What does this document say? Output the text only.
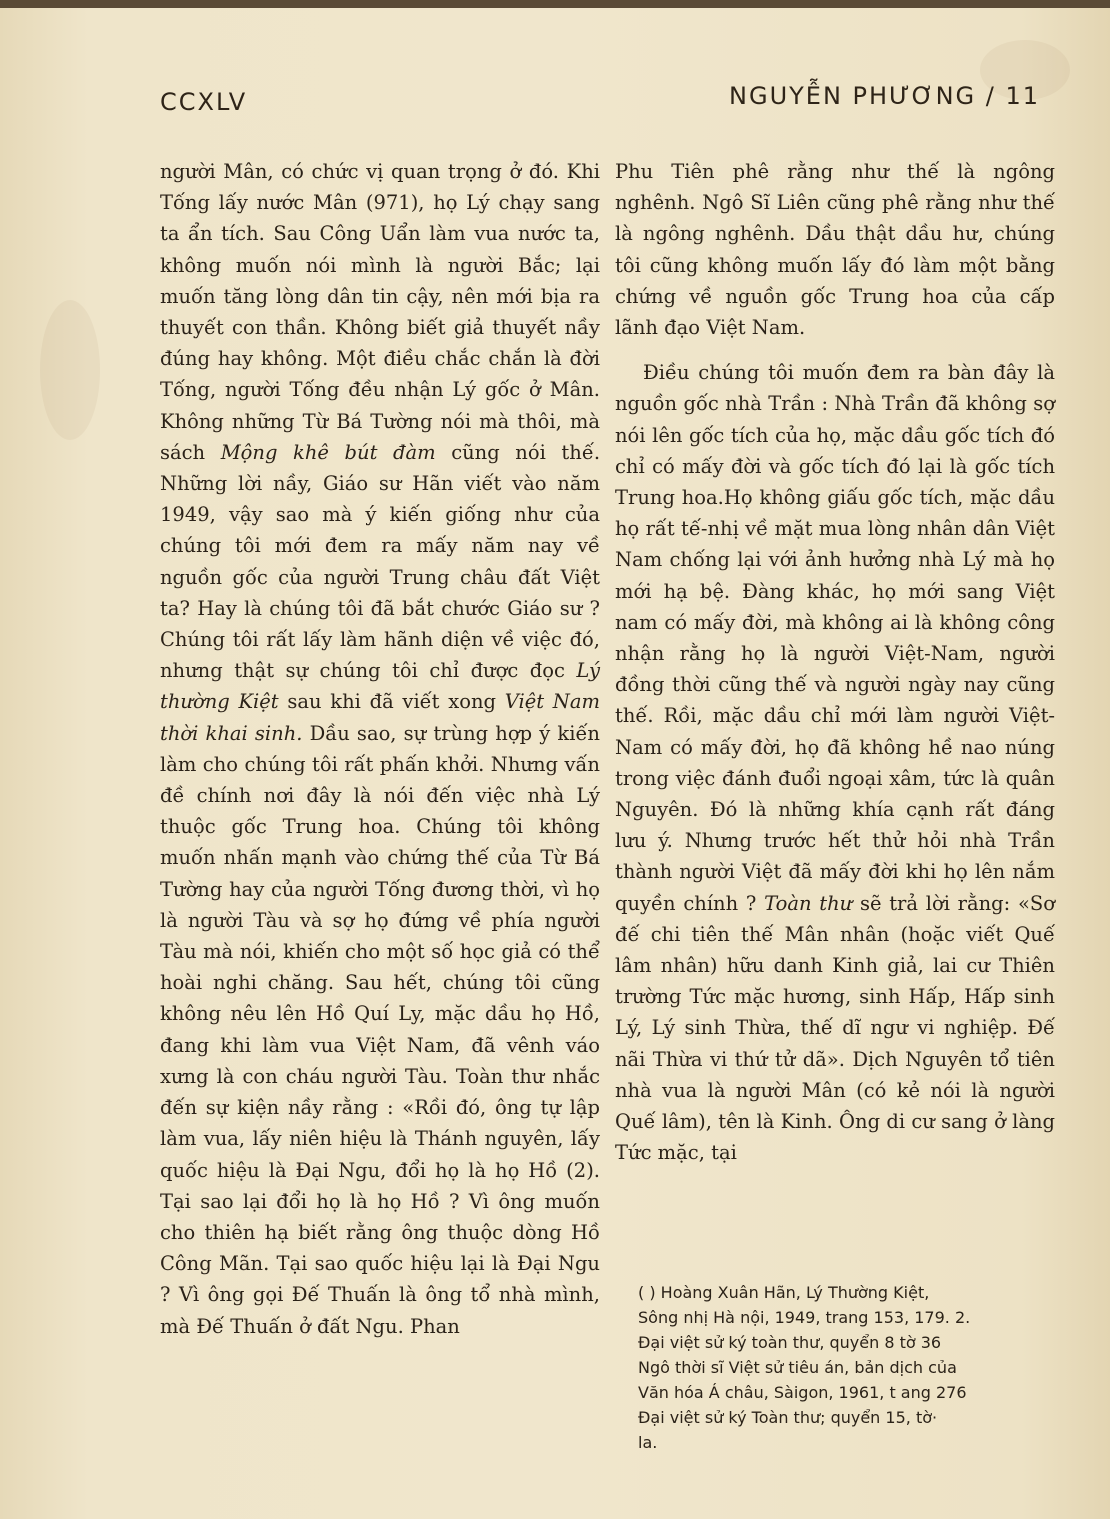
CCXLV	NGUYỄN PHƯƠNG / 11

người Mân, có chức vị quan trọng ở đó. Khi Tống lấy nước Mân (971), họ Lý chạy sang ta ẩn tích. Sau Công Uẩn làm vua nước ta, không muốn nói mình là người Bắc; lại muốn tăng lòng dân tin cậy, nên mới bịa ra thuyết con thần. Không biết giả thuyết nầy đúng hay không. Một điều chắc chắn là đời Tống, người Tống đều nhận Lý gốc ở Mân. Không những Từ Bá Tường nói mà thôi, mà sách Mộng khê bút đàm cũng nói thế. Những lời nầy, Giáo sư Hãn viết vào năm 1949, vậy sao mà ý kiến giống như của chúng tôi mới đem ra mấy năm nay về nguồn gốc của người Trung châu đất Việt ta? Hay là chúng tôi đã bắt chước Giáo sư ? Chúng tôi rất lấy làm hãnh diện về việc đó, nhưng thật sự chúng tôi chỉ được đọc Lý thường Kiệt sau khi đã viết xong Việt Nam thời khai sinh. Dầu sao, sự trùng hợp ý kiến làm cho chúng tôi rất phấn khởi. Nhưng vấn đề chính nơi đây là nói đến việc nhà Lý thuộc gốc Trung hoa. Chúng tôi không muốn nhấn mạnh vào chứng thế của Từ Bá Tường hay của người Tống đương thời, vì họ là người Tàu và sợ họ đứng về phía người Tàu mà nói, khiến cho một số học giả có thể hoài nghi chăng. Sau hết, chúng tôi cũng không nêu lên Hồ Quí Ly, mặc dầu họ Hồ, đang khi làm vua Việt Nam, đã vênh váo xưng là con cháu người Tàu. Toàn thư nhắc đến sự kiện nầy rằng : «Rồi đó, ông tự lập làm vua, lấy niên hiệu là Thánh nguyên, lấy quốc hiệu là Đại Ngu, đổi họ là họ Hồ (2). Tại sao lại đổi họ là họ Hồ ? Vì ông muốn cho thiên hạ biết rằng ông thuộc dòng Hồ Công Mãn. Tại sao quốc hiệu lại là Đại Ngu ? Vì ông gọi Đế Thuấn là ông tổ nhà mình, mà Đế Thuấn ở đất Ngu. Phan

Phu Tiên phê rằng như thế là ngông nghênh. Ngô Sĩ Liên cũng phê rằng như thế là ngông nghênh. Dầu thật dầu hư, chúng tôi cũng không muốn lấy đó làm một bằng chứng về nguồn gốc Trung hoa của cấp lãnh đạo Việt Nam.

Điều chúng tôi muốn đem ra bàn đây là nguồn gốc nhà Trần : Nhà Trần đã không sợ nói lên gốc tích của họ, mặc dầu gốc tích đó chỉ có mấy đời và gốc tích đó lại là gốc tích Trung hoa.Họ không giấu gốc tích, mặc dầu họ rất tế-nhị về mặt mua lòng nhân dân Việt Nam chống lại với ảnh hưởng nhà Lý mà họ mới hạ bệ. Đàng khác, họ mới sang Việt nam có mấy đời, mà không ai là không công nhận rằng họ là người Việt-Nam, người đồng thời cũng thế và người ngày nay cũng thế. Rồi, mặc dầu chỉ mới làm người Việt-Nam có mấy đời, họ đã không hề nao núng trong việc đánh đuổi ngoại xâm, tức là quân Nguyên. Đó là những khía cạnh rất đáng lưu ý. Nhưng trước hết thử hỏi nhà Trần thành người Việt đã mấy đời khi họ lên nắm quyền chính ? Toàn thư sẽ trả lời rằng: «Sơ đế chi tiên thế Mân nhân (hoặc viết Quế lâm nhân) hữu danh Kinh giả, lai cư Thiên trường Tức mặc hương, sinh Hấp, Hấp sinh Lý, Lý sinh Thừa, thế dĩ ngư vi nghiệp. Đế nãi Thừa vi thứ tử dã». Dịch Nguyên tổ tiên nhà vua là người Mân (có kẻ nói là người Quế lâm), tên là Kinh. Ông di cư sang ở làng Tức mặc, tại

( ) Hoàng Xuân Hãn, Lý Thường Kiệt,
Sông nhị Hà nội, 1949, trang 153, 179. 2.
Đại việt sử ký toàn thư, quyển 8 tờ 36
Ngô thời sĩ Việt sử tiêu án, bản dịch của
Văn hóa Á châu, Sàigon, 1961, t ang 276
Đại việt sử ký Toàn thư; quyển 15, tờ·
la.
